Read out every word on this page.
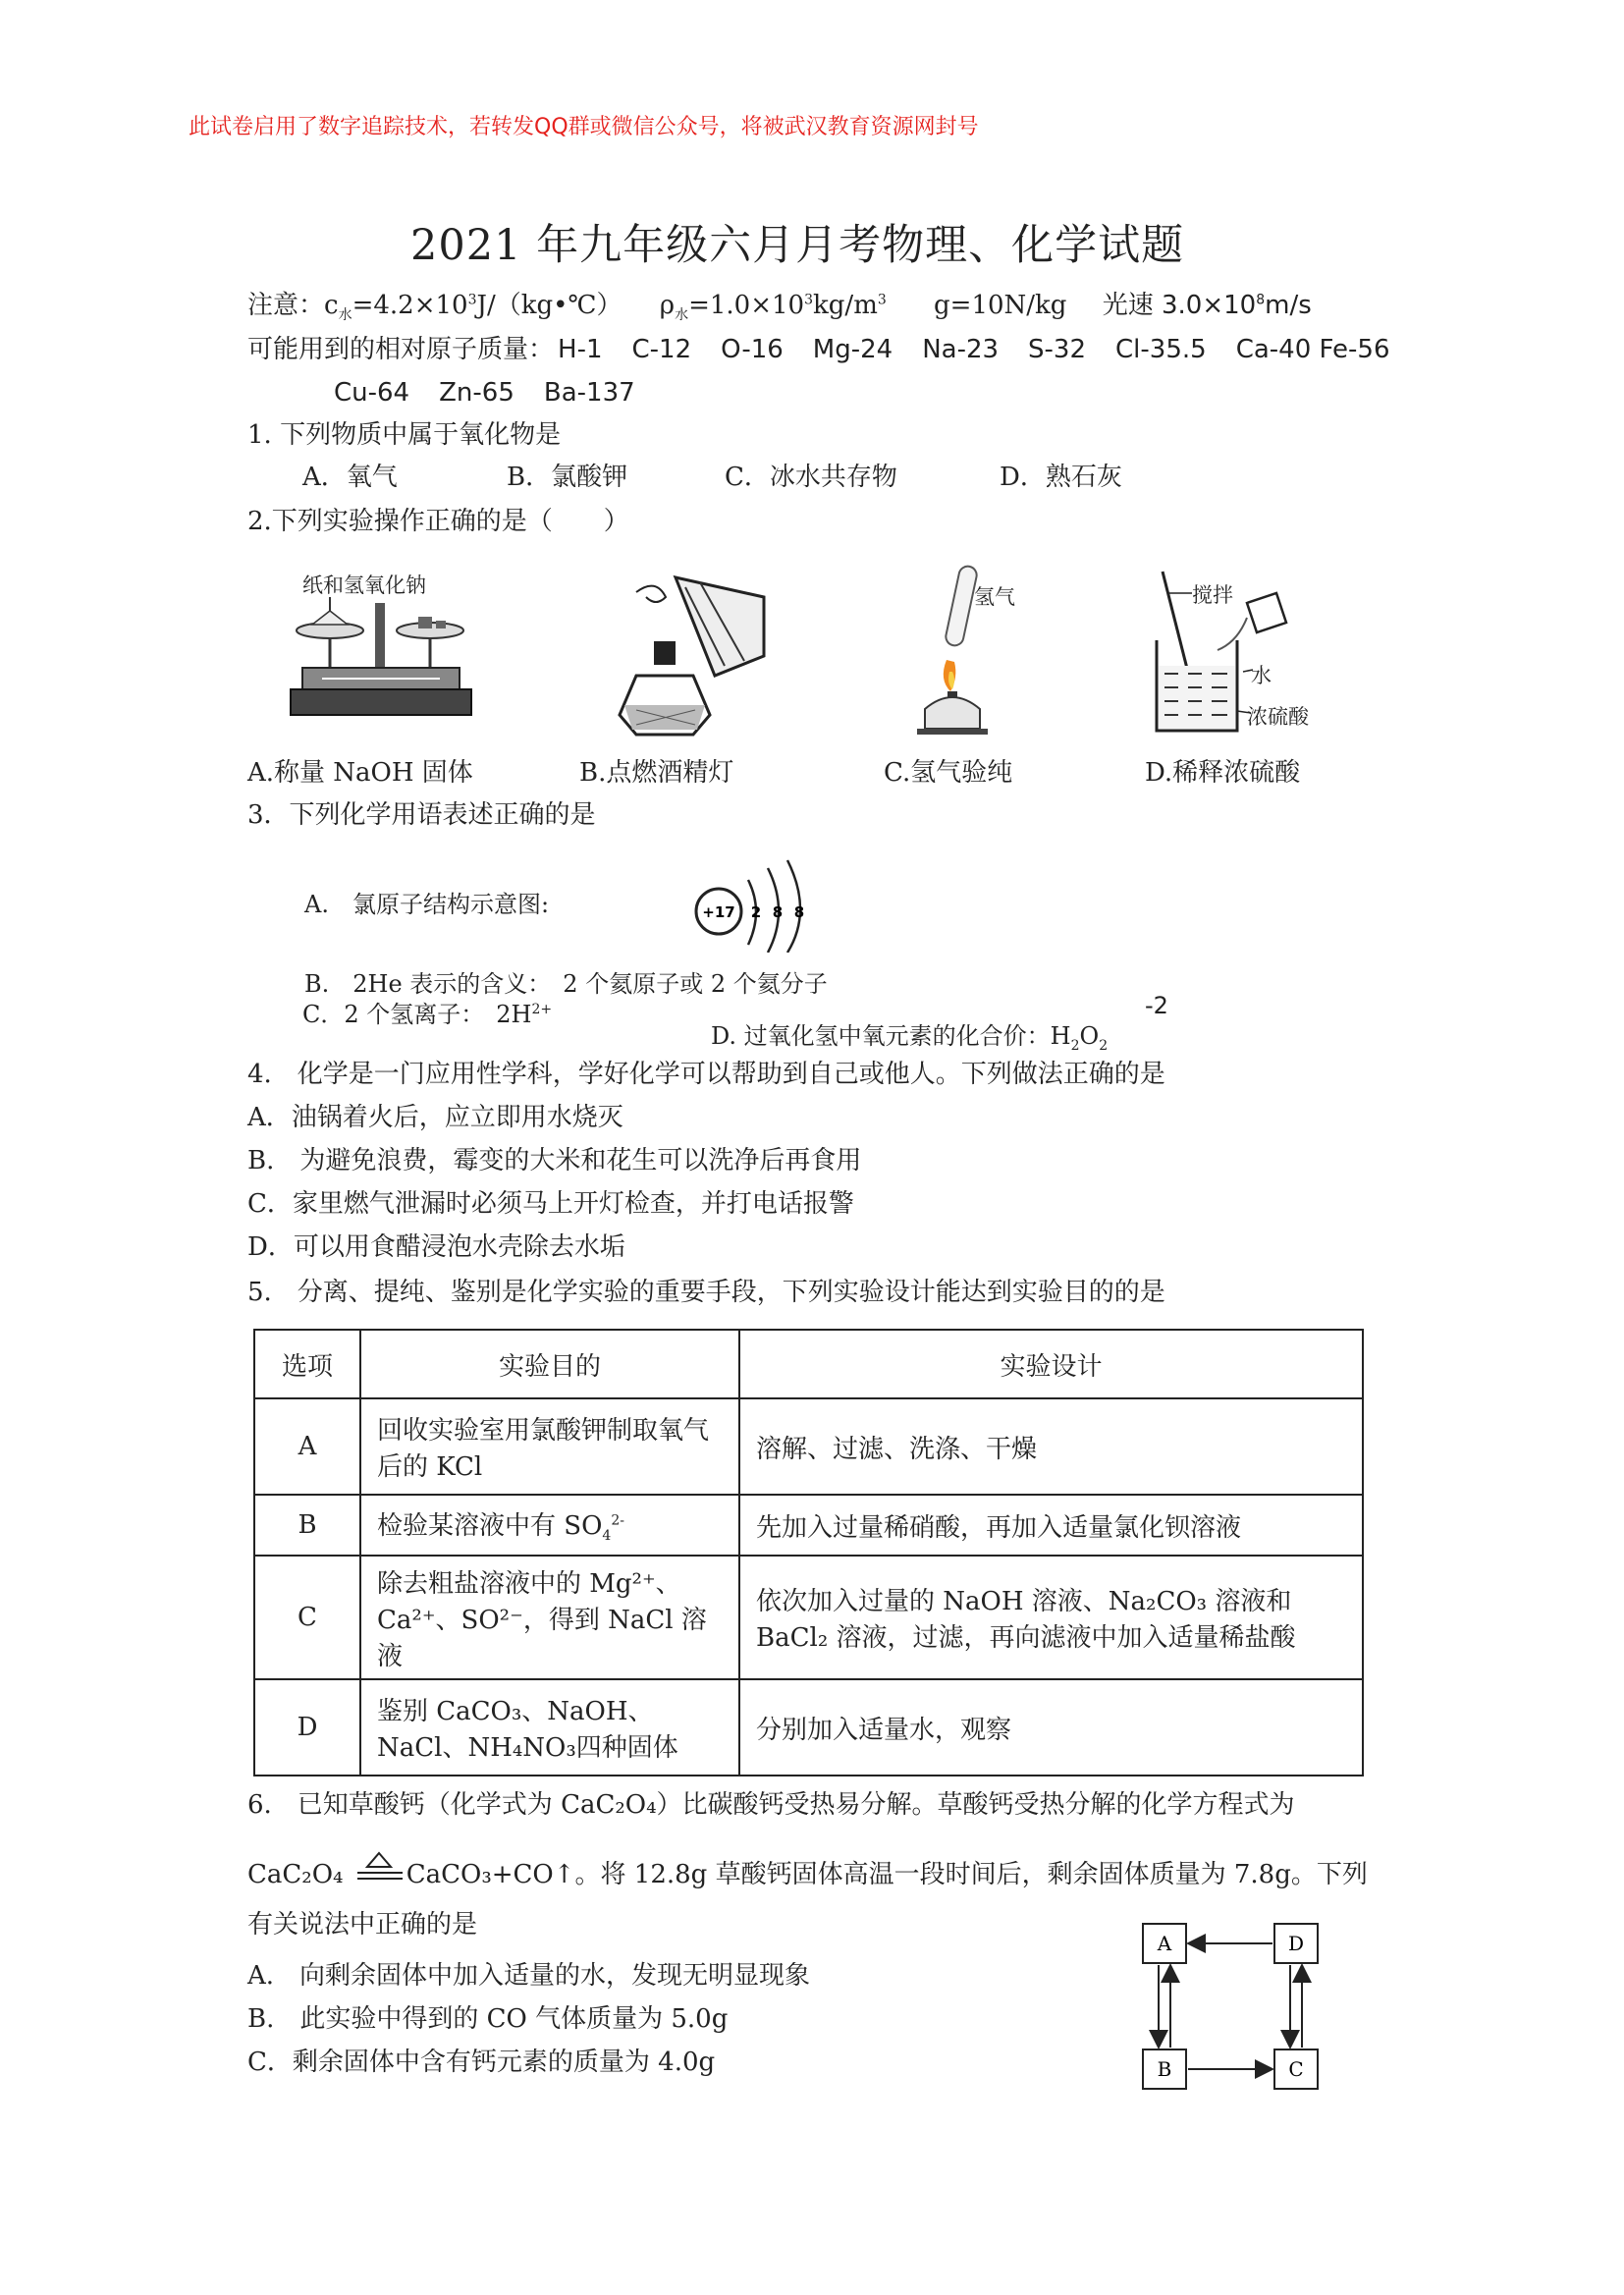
此试卷启用了数字追踪技术，若转发QQ群或微信公众号，将被武汉教育资源网封号
2021 年九年级六月月考物理、化学试题
注意：$c_水=4.2\times 10^3J/(kg•℃)$ $\rho_水=1.0\times 10^3kg/m^3$ g=10N/kg 光速 $3.0\times 10^8m/s$
可能用到的相对原子质量： H-1 C-12 O-16 Mg-24 Na-23 S-32 Cl-35.5 Ca-40 Fe-56
Cu-64 Zn-65 Ba-137
1. 下列物质中属于氧化物是
A．氧气	B．氯酸钾	C．冰水共存物	D．熟石灰
2.下列实验操作正确的是（　　）
纸和氢氧化钠
A.称量 NaOH 固体	B.点燃酒精灯
氢气
C.氢气验纯
搅拌
水
浓硫酸
D.稀释浓硫酸
3．下列化学用语表述正确的是
A.　氯原子结构示意图:	+17 2 8 8
B.　2He 表示的含义：　2 个氦原子或 2 个氦分子
C．2 个氢离子：　$2H^{2+}$
D. 过氧化氢中氧元素的化合价：$H_2O_2$
-2
4.　化学是一门应用性学科，学好化学可以帮助到自己或他人。下列做法正确的是
A．油锅着火后，应立即用水烧灭
B.　为避免浪费，霉变的大米和花生可以洗净后再食用
C．家里燃气泄漏时必须马上开灯检查，并打电话报警
D．可以用食醋浸泡水壳除去水垢
5.　分离、提纯、鉴别是化学实验的重要手段，下列实验设计能达到实验目的的是
选项	实验目的	实验设计
A	回收实验室用氯酸钾制取氧气后的 KCl	溶解、过滤、洗涤、干燥
B	检验某溶液中有 $SO_4^{2-}$	先加入过量稀硝酸，再加入适量氯化钡溶液
C	除去粗盐溶液中的 Mg²⁺、Ca²⁺、SO²⁻，得到 NaCl 溶液	依次加入过量的 NaOH 溶液、Na₂CO₃ 溶液和 BaCl₂ 溶液，过滤，再向滤液中加入适量稀盐酸
D	鉴别 CaCO₃、NaOH、NaCl、NH₄NO₃四种固体	分别加入适量水，观察
6.　已知草酸钙（化学式为 CaC₂O₄）比碳酸钙受热易分解。草酸钙受热分解的化学方程式为
CaC₂O₄ CaCO₃+CO↑。将 12.8g 草酸钙固体高温一段时间后，剩余固体质量为 7.8g。下列
有关说法中正确的是
A.　向剩余固体中加入适量的水，发现无明显现象
B.　此实验中得到的 CO 气体质量为 5.0g
C．剩余固体中含有钙元素的质量为 4.0g
A
B	C
D
